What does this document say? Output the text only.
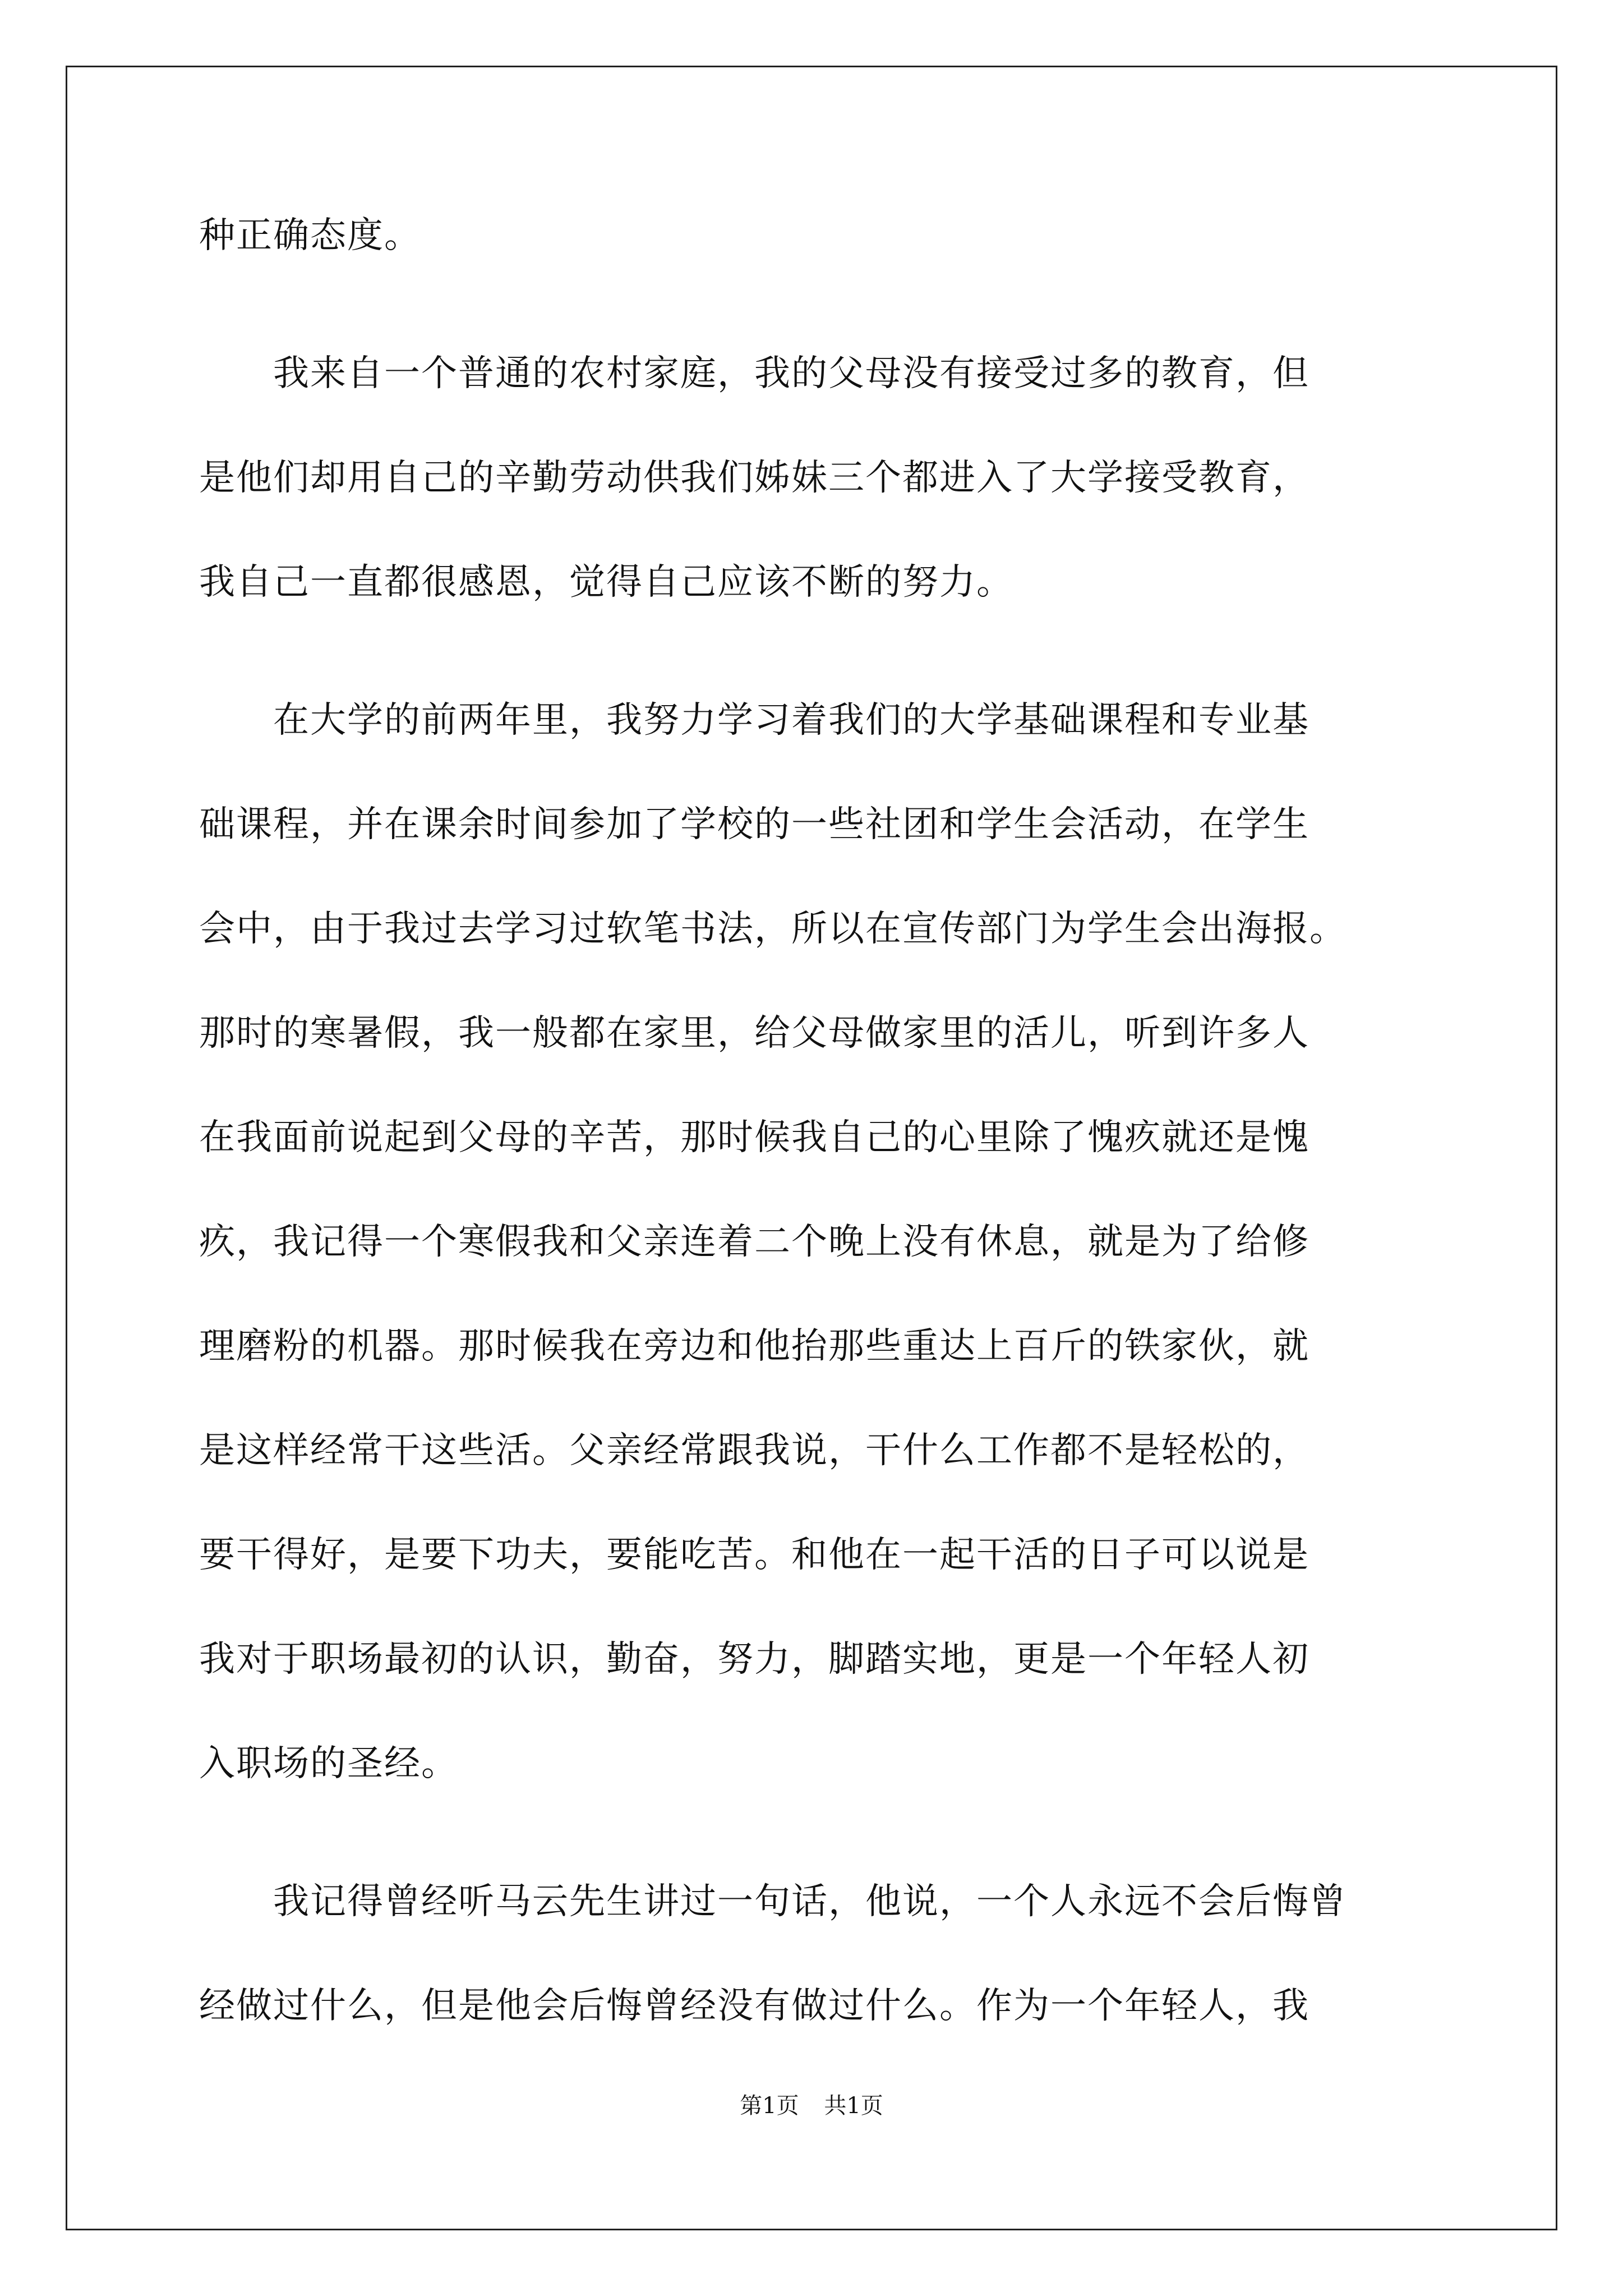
种正确态度。
　　我来自一个普通的农村家庭，我的父母没有接受过多的教育，但
是他们却用自己的辛勤劳动供我们姊妹三个都进入了大学接受教育，
我自己一直都很感恩，觉得自己应该不断的努力。
　　在大学的前两年里，我努力学习着我们的大学基础课程和专业基
础课程，并在课余时间参加了学校的一些社团和学生会活动，在学生
会中，由于我过去学习过软笔书法，所以在宣传部门为学生会出海报。
那时的寒暑假，我一般都在家里，给父母做家里的活儿，听到许多人
在我面前说起到父母的辛苦，那时候我自己的心里除了愧疚就还是愧
疚，我记得一个寒假我和父亲连着二个晚上没有休息，就是为了给修
理磨粉的机器。那时候我在旁边和他抬那些重达上百斤的铁家伙，就
是这样经常干这些活。父亲经常跟我说，干什么工作都不是轻松的，
要干得好，是要下功夫，要能吃苦。和他在一起干活的日子可以说是
我对于职场最初的认识，勤奋，努力，脚踏实地，更是一个年轻人初
入职场的圣经。
　　我记得曾经听马云先生讲过一句话，他说，一个人永远不会后悔曾
经做过什么，但是他会后悔曾经没有做过什么。作为一个年轻人，我
第1页 共1页
